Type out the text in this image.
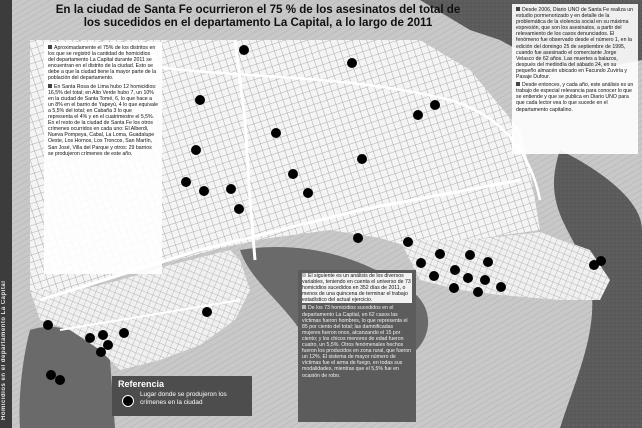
Homicidios en el departamento La Capital
En la ciudad de Santa Fe ocurrieron el 75 % de los asesinatos del total de los sucedidos en el departamento La Capital, a lo largo de 2011

Aproximadamente el 75% de los distritos en los que se registró la cantidad de homicidios del departamento La Capital durante 2011 se encuentran en el distrito de la ciudad. Esto se debe a que la ciudad tiene la mayor parte de la población del departamento.

En Santa Rosa de Lima hubo 12 homicidios: 16,5% del total; en Alto Verde hubo 7, un 10% en la ciudad de Santa Tomé, 6, lo que hace a un 8% en el barrio de Yapeyú, 4 lo que equivale a 5,5% del total; en Cabaña 3 lo que representa el 4% y en el cuatrimestre el 5,5%. En el resto de la ciudad de Santa Fe los otros crímenes ocurridos en cada uno: El Alberdi, Nueva Pompeya, Cabal, La Loma, Guadalupe Oeste, Los Hornos, Los Troncos, San Martín, San José, Villa del Parque y otros: 29 barrios se produjeron crímenes de este año.

Desde 2006, Diario UNO de Santa Fe realiza un estudio pormenorizado y en detalle de la problemática de la violencia social en su máxima expresión, que son los asesinatos, a partir del relevamiento de los casos denunciados. El fenómeno fue observado desde el número 1, en la edición del domingo 25 de septiembre de 1995, cuando fue asesinado el comerciante Jorge Velasco de 62 años. Las muertes a balazos, después del mediodía del sábado 24, en su pequeño almacén ubicado en Facundo Zuviría y Pasaje Dufour.

Desde entonces, y cada año, este análisis es un trabajo de especial relevancia para conocer lo que se entiende y que se publica en Diario UNO para que cada lector vea lo que sucede en el departamento capitalino.

El siguiente es un análisis de los diversos variables, teniendo en cuenta el universo de 73 homicidios sucedidos en 352 días de 2011, o menos de una quincena de terminar el trabajo estadístico del actual ejercicio.

De los 73 homicidios sucedidos en el departamento La Capital, en 62 casos las víctimas fueron hombres, lo que representa el 85 por ciento del total; las damnificadas mujeres fueron once, alcanzando el 15 por ciento; y los chicos menores de edad fueron cuatro, un 5,5%. Otros fenómenales hechos fueron los producidos en zona rural, que fueron un 12%. El sistema de mayor número de víctimas fue el arma de fuego, en todas sus modalidades, mientras que el 5,5% fue en ocasión de robo.

Referencia
Lugar donde se produjeron los crímenes en la ciudad
